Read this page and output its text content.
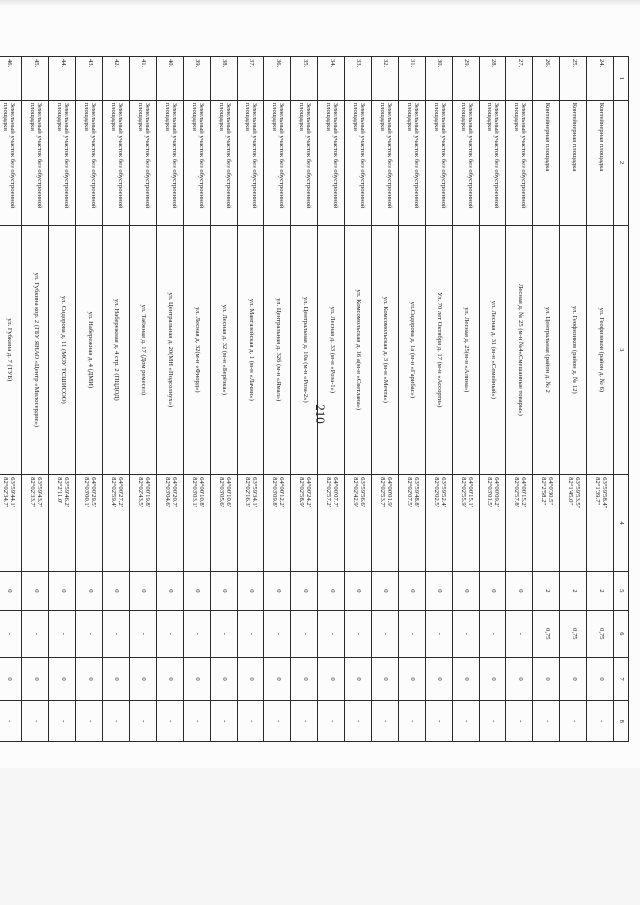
210
1	2	3	4	5	6	7	8
24.	Контейнерная площадка	ул. Геофизиков (район д. № 6)	63°59'58.4"
82°1'39.7"	2	0,75	0	-
25.	Контейнерная площадка	ул. Геофизиков (район д. № 12)	63°59'53.5"
82°1'45.0"	2	0,75	0	-
26.	Контейнерная площадка	ул. Центральная (район д. № 2	64°0'30.5"
82°2'58.2"	2	0,75	0	-
27.	Земельный участок без обустроенной площадки	Лесная д. № 25 (м-н №4«Смешанные товары»)	64°00'15.2'
82°02'57.8'	0	-	0	-
28.	Земельный участок без обустроенной площадки	ул. Лесная д. 31 (м-н «Семейный»)	64°00'09.2'
82°03'01.5'	0	-	0	-
29.	Земельный участок без обустроенной площадки	ул. Лесная д. 25(м-н «Алина»)	64°00'15.1'
82°02'55.9'	0	-	0	-
30.	Земельный участок без обустроенной площадки	Ул. 70 лет Октября д. 17 (м-н «Ассорти»)	63°59'52.4'
82°02'02.5'	0	-	0	-
31.	Земельный участок без обустроенной площадки	ул.Сидорова д. 1а (м-н «Гарибас»)	63°59'48.8'
82°02'07.5'	0	-	0	-
32.	Земельный участок без обустроенной площадки	ул. Комсомольская д. 3 (м-н «Мечта»)	64°00'01.9'
82°02'53.7'	0	-	0	-
33.	Земельный участок без обустроенной площадки	ул. Комсомольская д. 16 а(м-н «Светлана»)	63°59'56.6'
82°02'42.9'	0	-	0	-
34.	Земельный участок без обустроенной площадки	ул. Лесная д. 33 (м-н «Роза-1»)	64°00'07.7'
82°02'57.2'	0	-	0	-
35.	Земельный участок без обустроенной площадки	ул. Центральная д. 10а (м-н «Роза-2»)	64°00'24.2'
82°02'58.9'	0	-	0	-
36.	Земельный участок без обустроенной площадки	ул. Центральная д. 32б (м-н «Ямал»)	64°00'12.2'
82°03'09.8'	0	-	0	-
37.	Земельный участок без обустроенной площадки	ул. Мангазейская д. 1 (м-н «Лачин»)	63°59'34.1'
82°02'16.3'	0	-	0	-
38.	Земельный участок без обустроенной площадки	ул. Лесная д. 32 (м-н «Берёзка»)	64°00'10.6'
82°03'05.6'	0	-	0	-
39.	Земельный участок без обустроенной площадки	ул. Лесная д. 32(м-н «Фиорд»)	64°00'10.8'
82°03'03.1'	0	-	0	-
40.	Земельный участок без обустроенной площадки	ул. Центральная д. 20(МН «Подсолнух»)	64°00'20.7'
82°03'04.6'	0	-	0	-
41.	Земельный участок без обустроенной площадки	ул. Таёжная д. 17 (Дом ремесел)	64°00'19.8'
82°02'43.5'	0	-	0	-
42.	Земельный участок без обустроенной площадки	ул. Набережная д. 4 стр. 2 (ПЦДОД)	64°00'27.2'
82°02'59.4'	0	-	0	-
43.	Земельный участок без обустроенной площадки	ул. Набережная д. 4 (ДМИ)	64°00'29.5'
82°03'00.1'	0	-	0	-
44.	Земельный участок без обустроенной площадки	ул. Сидорова д. 11 (МОУ ТСШИСОО)	63°59'46.2'
82°2'11.0'	0	-	0	-
45.	Земельный участок без обустроенной площадки	ул. Губкина кор. 2 (ГБУ ЯНАО «Центр «Милосердие»)	63°59'43.7'
82°02'33.7'	0	-	0	-
46.	Земельный участок без обустроенной площадки	ул. Губкина д. 7 (ТУБ)	63°59'44.1'
82°02'34.7'	0	-	0	-
